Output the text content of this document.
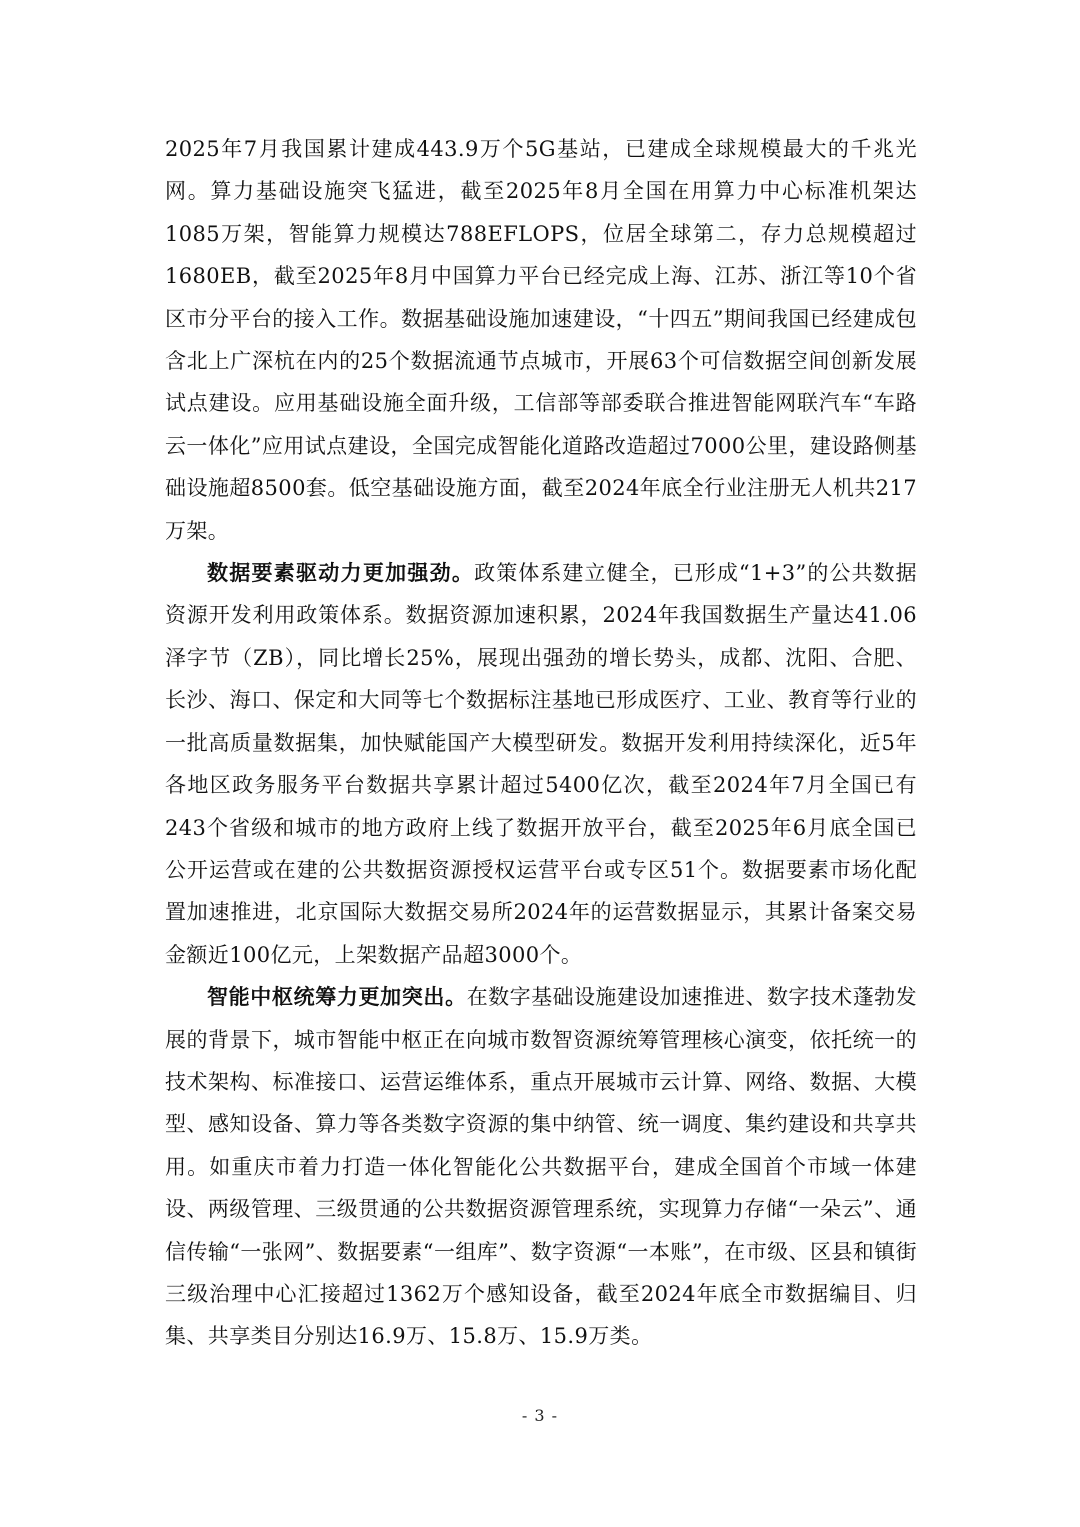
2025年7月我国累计建成443.9万个5G基站，已建成全球规模最大的千兆光网。算力基础设施突飞猛进，截至2025年8月全国在用算力中心标准机架达1085万架，智能算力规模达788EFLOPS，位居全球第二，存力总规模超过1680EB，截至2025年8月中国算力平台已经完成上海、江苏、浙江等10个省区市分平台的接入工作。数据基础设施加速建设，“十四五”期间我国已经建成包含北上广深杭在内的25个数据流通节点城市，开展63个可信数据空间创新发展试点建设。应用基础设施全面升级，工信部等部委联合推进智能网联汽车“车路云一体化”应用试点建设，全国完成智能化道路改造超过7000公里，建设路侧基础设施超8500套。低空基础设施方面，截至2024年底全行业注册无人机共217万架。

数据要素驱动力更加强劲。政策体系建立健全，已形成“1+3”的公共数据资源开发利用政策体系。数据资源加速积累，2024年我国数据生产量达41.06泽字节（ZB），同比增长25%，展现出强劲的增长势头，成都、沈阳、合肥、长沙、海口、保定和大同等七个数据标注基地已形成医疗、工业、教育等行业的一批高质量数据集，加快赋能国产大模型研发。数据开发利用持续深化，近5年各地区政务服务平台数据共享累计超过5400亿次，截至2024年7月全国已有243个省级和城市的地方政府上线了数据开放平台，截至2025年6月底全国已公开运营或在建的公共数据资源授权运营平台或专区51个。数据要素市场化配置加速推进，北京国际大数据交易所2024年的运营数据显示，其累计备案交易金额近100亿元，上架数据产品超3000个。

智能中枢统筹力更加突出。在数字基础设施建设加速推进、数字技术蓬勃发展的背景下，城市智能中枢正在向城市数智资源统筹管理核心演变，依托统一的技术架构、标准接口、运营运维体系，重点开展城市云计算、网络、数据、大模型、感知设备、算力等各类数字资源的集中纳管、统一调度、集约建设和共享共用。如重庆市着力打造一体化智能化公共数据平台，建成全国首个市域一体建设、两级管理、三级贯通的公共数据资源管理系统，实现算力存储“一朵云”、通信传输“一张网”、数据要素“一组库”、数字资源“一本账”，在市级、区县和镇街三级治理中心汇接超过1362万个感知设备，截至2024年底全市数据编目、归集、共享类目分别达16.9万、15.8万、15.9万类。

- 3 -
